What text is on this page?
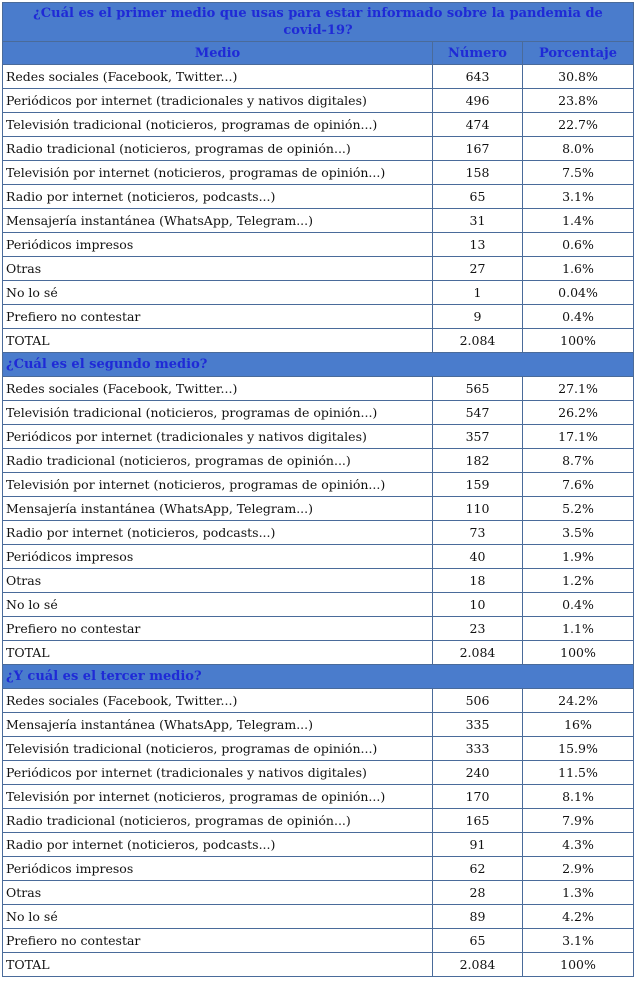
¿Cuál es el primer medio que usas para estar informado sobre la pandemia de covid-19?		
Medio	Número	Porcentaje
Redes sociales (Facebook, Twitter...)	643	30.8%
Periódicos por internet (tradicionales y nativos digitales)	496	23.8%
Televisión tradicional (noticieros, programas de opinión...)	474	22.7%
Radio tradicional (noticieros, programas de opinión...)	167	8.0%
Televisión por internet (noticieros, programas de opinión...)	158	7.5%
Radio por internet (noticieros, podcasts...)	65	3.1%
Mensajería instantánea (WhatsApp, Telegram...)	31	1.4%
Periódicos impresos	13	0.6%
Otras	27	1.6%
No lo sé	1	0.04%
Prefiero no contestar	9	0.4%
TOTAL	2.084	100%
¿Cuál es el segundo medio?		
Redes sociales (Facebook, Twitter...)	565	27.1%
Televisión tradicional (noticieros, programas de opinión...)	547	26.2%
Periódicos por internet (tradicionales y nativos digitales)	357	17.1%
Radio tradicional (noticieros, programas de opinión...)	182	8.7%
Televisión por internet (noticieros, programas de opinión...)	159	7.6%
Mensajería instantánea (WhatsApp, Telegram...)	110	5.2%
Radio por internet (noticieros, podcasts...)	73	3.5%
Periódicos impresos	40	1.9%
Otras	18	1.2%
No lo sé	10	0.4%
Prefiero no contestar	23	1.1%
TOTAL	2.084	100%
¿Y cuál es el tercer medio?		
Redes sociales (Facebook, Twitter...)	506	24.2%
Mensajería instantánea (WhatsApp, Telegram...)	335	16%
Televisión tradicional (noticieros, programas de opinión...)	333	15.9%
Periódicos por internet (tradicionales y nativos digitales)	240	11.5%
Televisión por internet (noticieros, programas de opinión...)	170	8.1%
Radio tradicional (noticieros, programas de opinión...)	165	7.9%
Radio por internet (noticieros, podcasts...)	91	4.3%
Periódicos impresos	62	2.9%
Otras	28	1.3%
No lo sé	89	4.2%
Prefiero no contestar	65	3.1%
TOTAL	2.084	100%
